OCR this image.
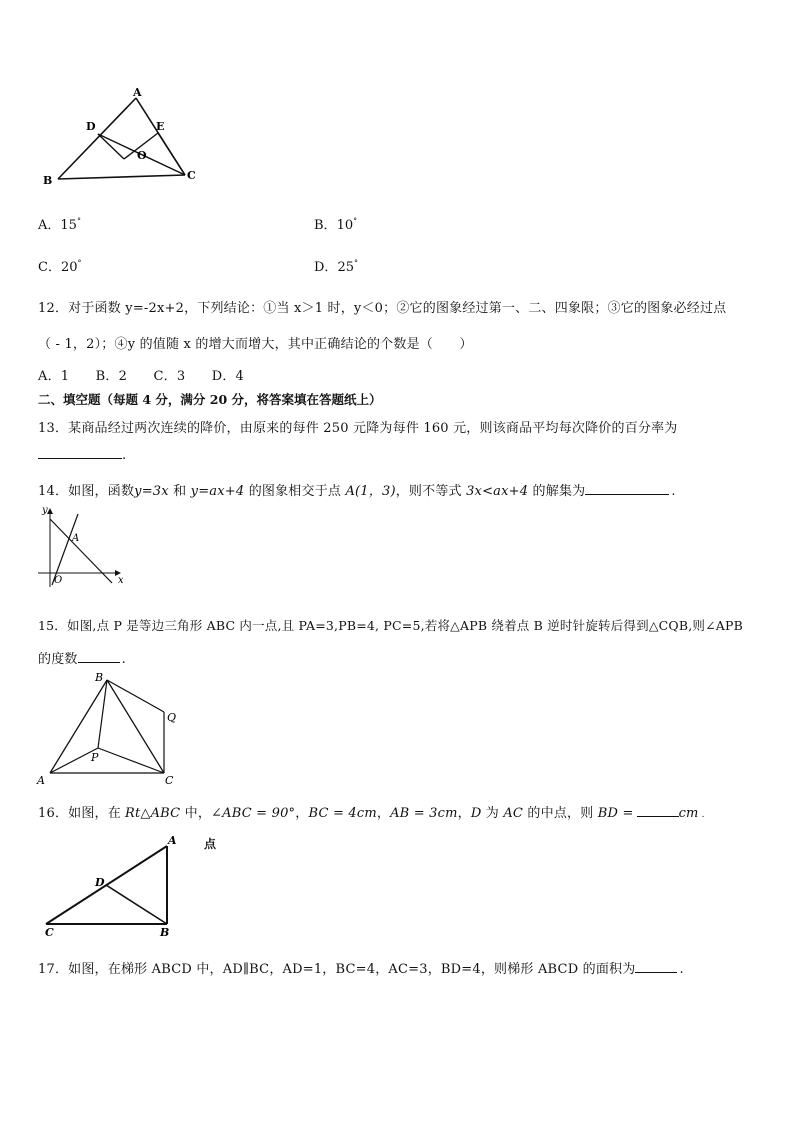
A
B	C
D	E
O
A．15°	B．10°
C．20°	D．25°
12．对于函数 y=-2x+2，下列结论：①当 x＞1 时，y＜0；②它的图象经过第一、二、四象限；③它的图象必经过点
（ - 1，2）；④y 的值随 x 的增大而增大，其中正确结论的个数是（　　）
A．1　　B．2　　C．3　　D．4
二、填空题（每题 4 分，满分 20 分，将答案填在答题纸上）
13．某商品经过两次连续的降价，由原来的每件 250 元降为每件 160 元，则该商品平均每次降价的百分率为
.
14．如图，函数y=3x 和 y=ax+4 的图象相交于点 A(1，3)，则不等式 3x<ax+4 的解集为	.
y
x
O
A
15．如图,点 P 是等边三角形 ABC 内一点,且 PA=3,PB=4, PC=5,若将△APB 绕着点 B 逆时针旋转后得到△CQB,则∠APB
的度数	.
A
B
C
P
Q
16．如图，在 Rt△ABC 中，∠ABC = 90°，BC = 4cm，AB = 3cm，D 为 AC 的中点，则 BD =	cm .
点
A
B
C
D
17．如图，在梯形 ABCD 中，AD∥BC，AD=1，BC=4，AC=3，BD=4，则梯形 ABCD 的面积为	.
